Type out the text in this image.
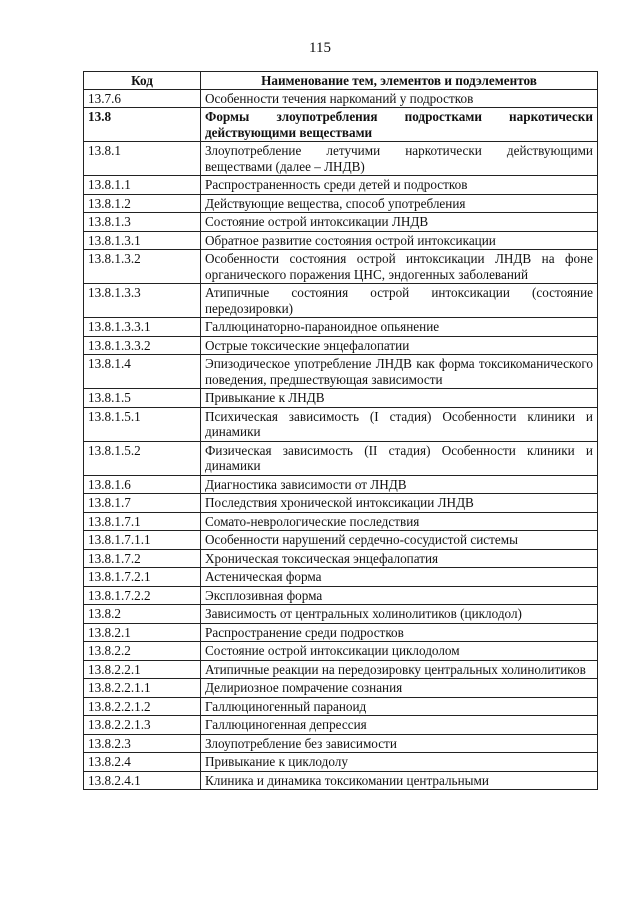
115
Код	Наименование тем, элементов и подэлементов
13.7.6	Особенности течения наркоманий у подростков
13.8	Формы злоупотребления подростками наркотически действующими веществами
13.8.1	Злоупотребление летучими наркотически действующими веществами (далее – ЛНДВ)
13.8.1.1	Распространенность среди детей и подростков
13.8.1.2	Действующие вещества, способ употребления
13.8.1.3	Состояние острой интоксикации ЛНДВ
13.8.1.3.1	Обратное развитие состояния острой интоксикации
13.8.1.3.2	Особенности состояния острой интоксикации ЛНДВ на фоне органического поражения ЦНС, эндогенных заболеваний
13.8.1.3.3	Атипичные состояния острой интоксикации (состояние передозировки)
13.8.1.3.3.1	Галлюцинаторно-параноидное опьянение
13.8.1.3.3.2	Острые токсические энцефалопатии
13.8.1.4	Эпизодическое употребление ЛНДВ как форма токсикоманического поведения, предшествующая зависимости
13.8.1.5	Привыкание к ЛНДВ
13.8.1.5.1	Психическая зависимость (I стадия) Особенности клиники и динамики
13.8.1.5.2	Физическая зависимость (II стадия) Особенности клиники и динамики
13.8.1.6	Диагностика зависимости от ЛНДВ
13.8.1.7	Последствия хронической интоксикации ЛНДВ
13.8.1.7.1	Сомато-неврологические последствия
13.8.1.7.1.1	Особенности нарушений сердечно-сосудистой системы
13.8.1.7.2	Хроническая токсическая энцефалопатия
13.8.1.7.2.1	Астеническая форма
13.8.1.7.2.2	Эксплозивная форма
13.8.2	Зависимость от центральных холинолитиков (циклодол)
13.8.2.1	Распространение среди подростков
13.8.2.2	Состояние острой интоксикации циклодолом
13.8.2.2.1	Атипичные реакции на передозировку центральных холинолитиков
13.8.2.2.1.1	Делириозное помрачение сознания
13.8.2.2.1.2	Галлюциногенный параноид
13.8.2.2.1.3	Галлюциногенная депрессия
13.8.2.3	Злоупотребление без зависимости
13.8.2.4	Привыкание к циклодолу
13.8.2.4.1	Клиника и динамика токсикомании центральными
